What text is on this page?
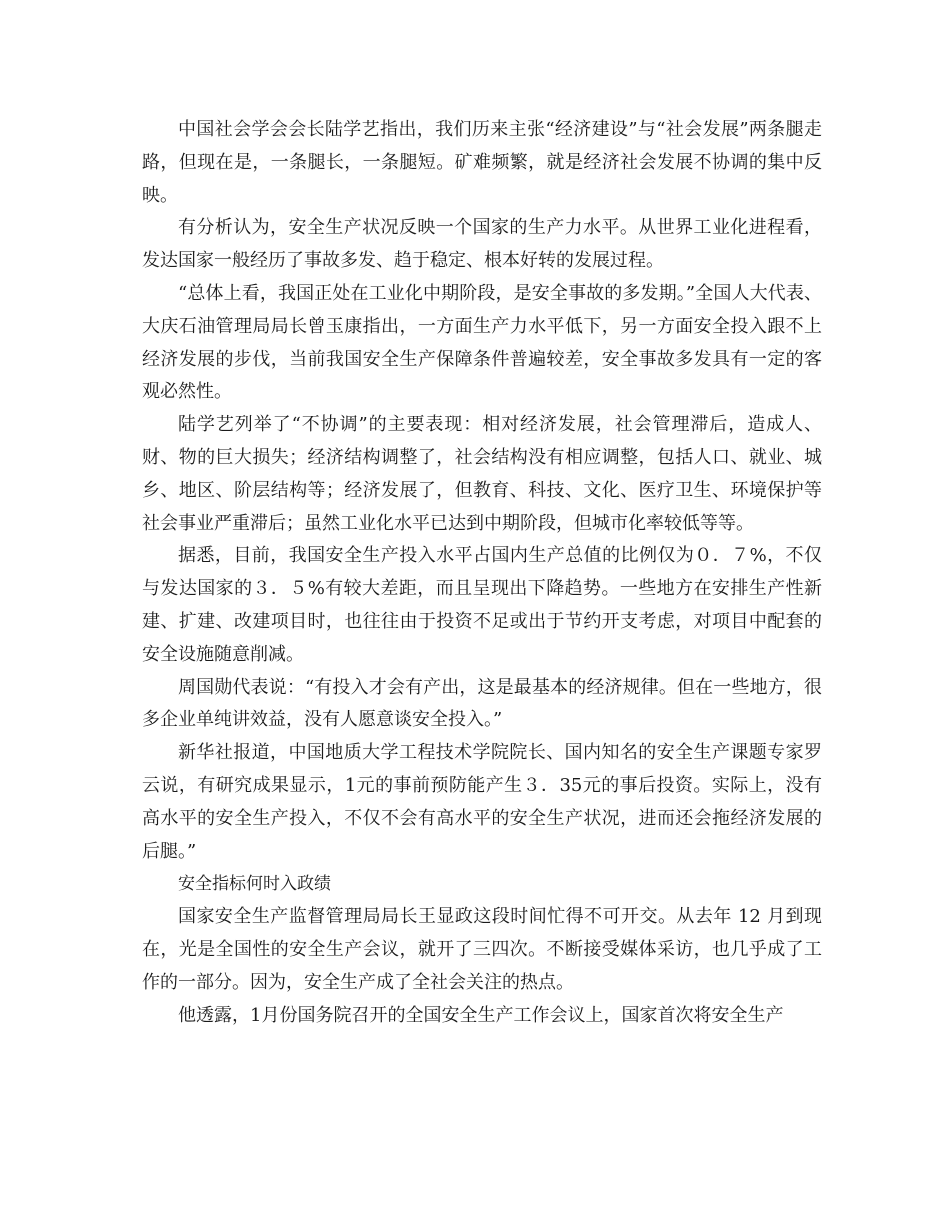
中国社会学会会长陆学艺指出，我们历来主张“经济建设”与“社会发展”两条腿走路，但现在是，一条腿长，一条腿短。矿难频繁，就是经济社会发展不协调的集中反映。

有分析认为，安全生产状况反映一个国家的生产力水平。从世界工业化进程看，发达国家一般经历了事故多发、趋于稳定、根本好转的发展过程。

“总体上看，我国正处在工业化中期阶段，是安全事故的多发期。”全国人大代表、大庆石油管理局局长曾玉康指出，一方面生产力水平低下，另一方面安全投入跟不上经济发展的步伐，当前我国安全生产保障条件普遍较差，安全事故多发具有一定的客观必然性。

陆学艺列举了“不协调”的主要表现：相对经济发展，社会管理滞后，造成人、财、物的巨大损失；经济结构调整了，社会结构没有相应调整，包括人口、就业、城乡、地区、阶层结构等；经济发展了，但教育、科技、文化、医疗卫生、环境保护等社会事业严重滞后；虽然工业化水平已达到中期阶段，但城市化率较低等等。

据悉，目前，我国安全生产投入水平占国内生产总值的比例仅为０．７%，不仅与发达国家的３．５%有较大差距，而且呈现出下降趋势。一些地方在安排生产性新建、扩建、改建项目时，也往往由于投资不足或出于节约开支考虑，对项目中配套的安全设施随意削减。

周国勋代表说：“有投入才会有产出，这是最基本的经济规律。但在一些地方，很多企业单纯讲效益，没有人愿意谈安全投入。”

新华社报道，中国地质大学工程技术学院院长、国内知名的安全生产课题专家罗云说，有研究成果显示，1元的事前预防能产生３．35元的事后投资。实际上，没有高水平的安全生产投入，不仅不会有高水平的安全生产状况，进而还会拖经济发展的后腿。”

安全指标何时入政绩

国家安全生产监督管理局局长王显政这段时间忙得不可开交。从去年 12 月到现在，光是全国性的安全生产会议，就开了三四次。不断接受媒体采访，也几乎成了工作的一部分。因为，安全生产成了全社会关注的热点。

他透露，1月份国务院召开的全国安全生产工作会议上，国家首次将安全生产
